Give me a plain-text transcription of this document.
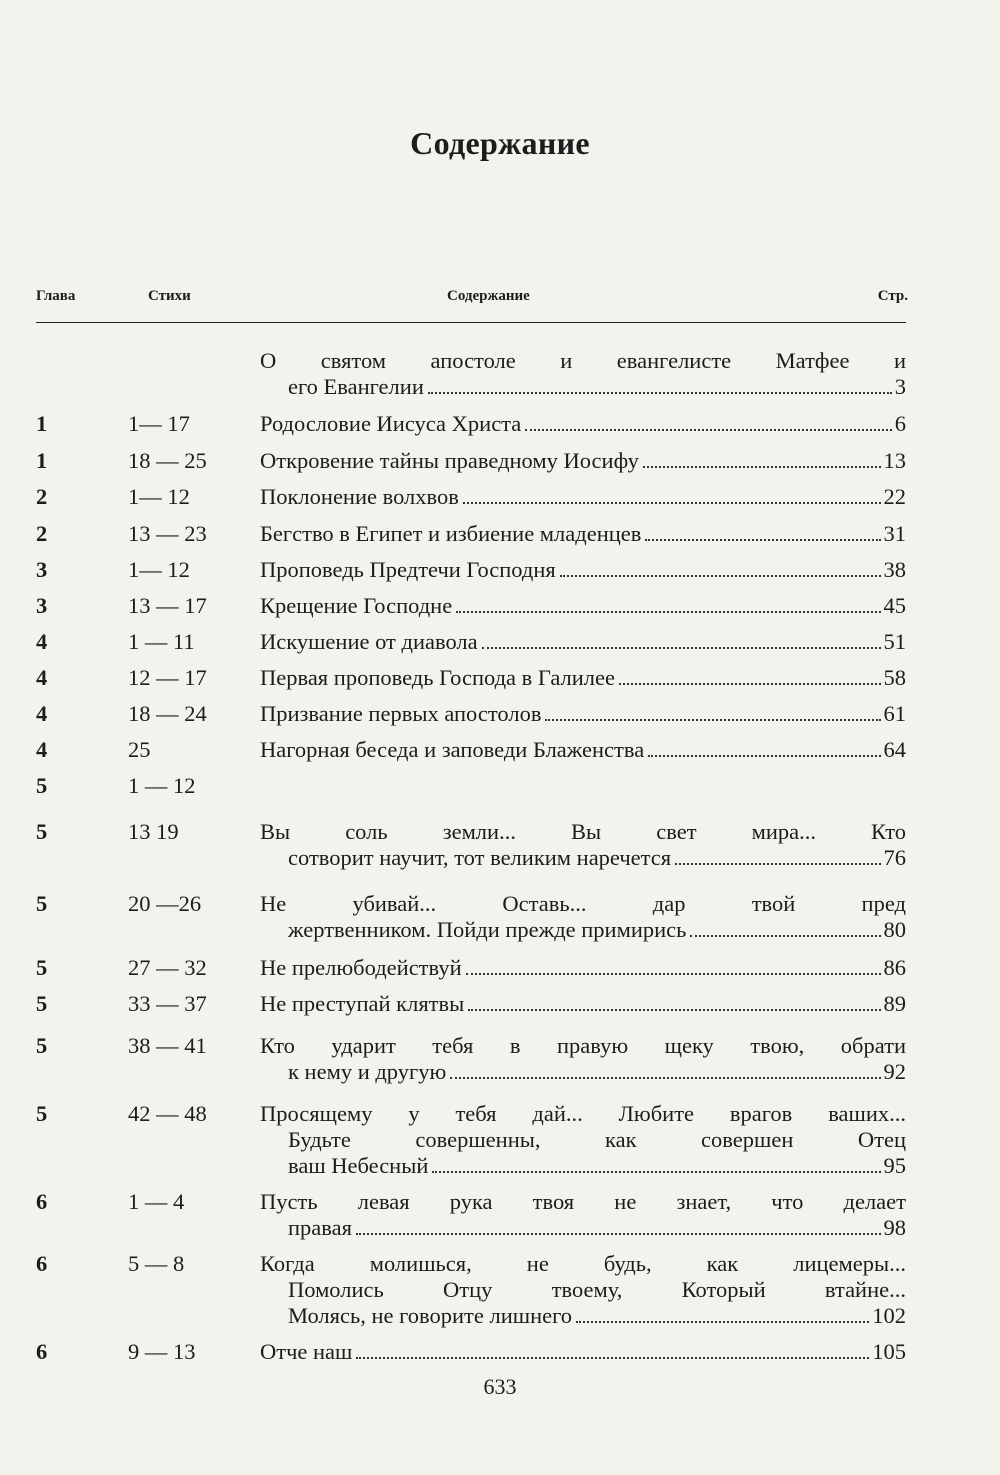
Содержание
Глава	Стихи	Содержание	Стр.
О святом апостоле и евангелисте Матфее и
его Евангелии	3
1	1— 17	Родословие Иисуса Христа	6
1	18 — 25 Откровение тайны праведному Иосифу	13
2	1— 12	Поклонение волхвов	22
2	13 — 23 Бегство в Египет и избиение младенцев	31
3	1— 12	Проповедь Предтечи Господня	38
3	13 — 17 Крещение Господне	45
4	1 — 11	Искушение от диавола	51
4	12 — 17 Первая проповедь Господа в Галилее	58
4	18 — 24 Призвание первых апостолов	61
4	25	Нагорная беседа и заповеди Блаженства	64
5	1 — 12

5	13 19	Вы соль земли... Вы свет мира... Кто
сотворит научит, тот великим наречется	76
5	20 —26	Не убивай... Оставь... дар твой пред
жертвенником. Пойди прежде примирись	80
5	27 — 32 Не прелюбодействуй	86
5	33 — 37 Не преступай клятвы	89
5	38 — 41 Кто ударит тебя в правую щеку твою, обрати
к нему и другую	92
5	42 — 48 Просящему у тебя дай... Любите врагов ваших...
Будьте совершенны, как совершен Отец
ваш Небесный	95
6	1 — 4	Пусть левая рука твоя не знает, что делает
правая	98
6	5 — 8	Когда молишься, не будь, как лицемеры...
Помолись Отцу твоему, Который втайне...
Молясь, не говорите лишнего	102
6	9 — 13	Отче наш	105
633
